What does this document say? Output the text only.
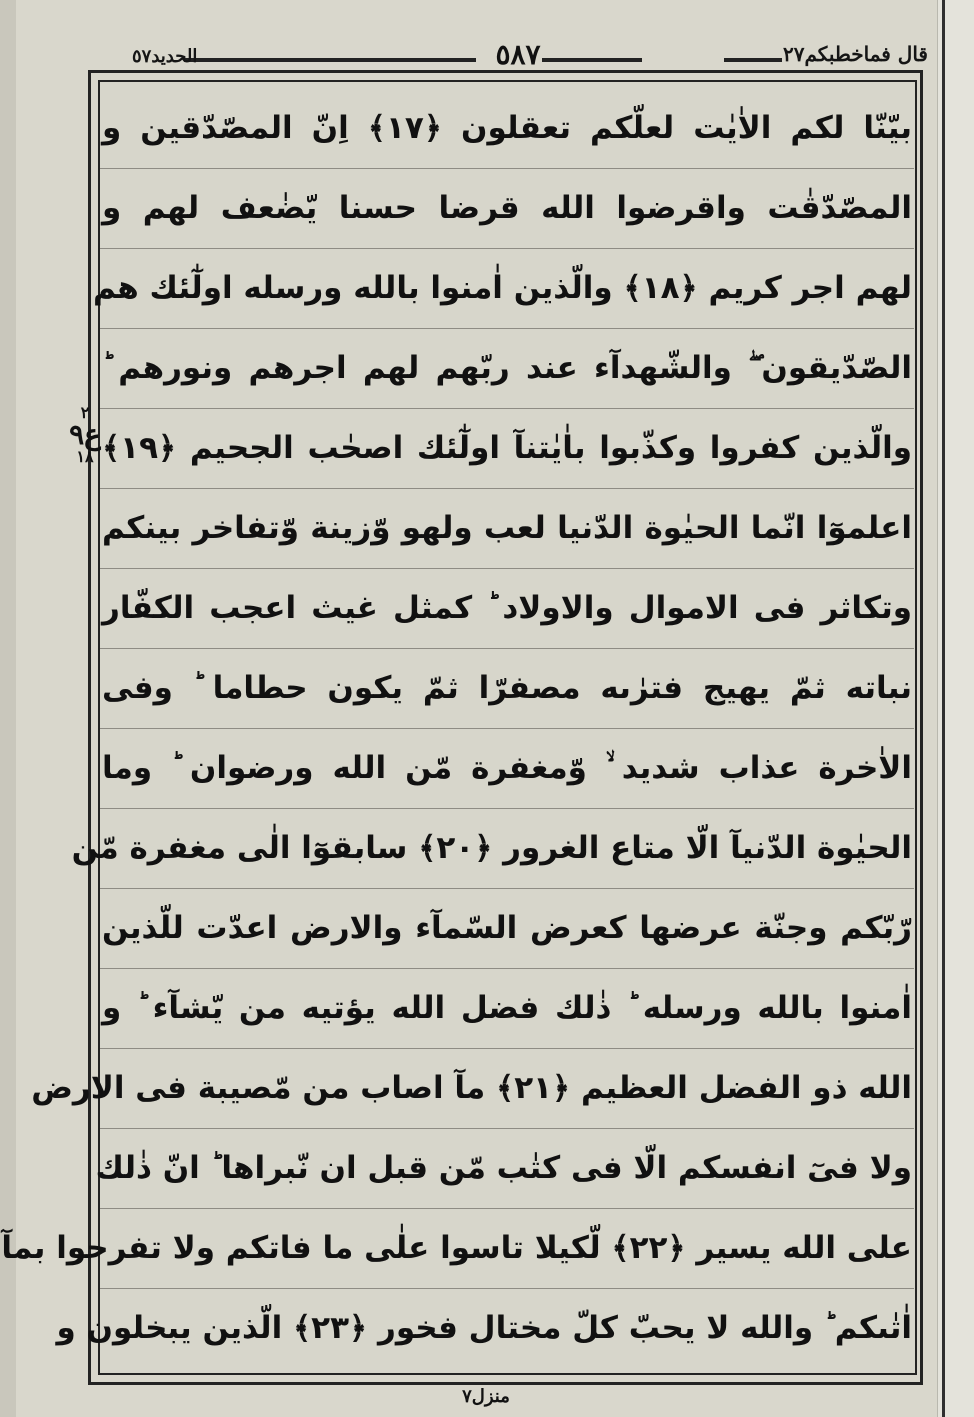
الحديد٥٧	٥٨٧	قال فماخطبكم٢٧
٢
ع٩
١٨
بيّنّا لكم الاٰيٰت لعلّكم تعقلون ﴿١٧﴾ اِنّ المصّدّقين و
المصّدّقٰت واقرضوا الله قرضا حسنا يّضٰعف لهم و
لهم اجر كريم ﴿١٨﴾ والّذين اٰمنوا بالله ورسله اولٰٓئك هم
الصّدّيقون ۖ والشّهدآء عند ربّهم لهم اجرهم ونورهم ؕ
والّذين كفروا وكذّبوا باٰيٰتنآ اولٰٓئك اصحٰب الجحيم ﴿١٩﴾
اعلموٓا انّما الحيٰوة الدّنيا لعب ولهو وّزينة وّتفاخر بينكم
وتكاثر فى الاموال والاولاد ؕ كمثل غيث اعجب الكفّار
نباته ثمّ يهيج فترٰىه مصفرّا ثمّ يكون حطاما ؕ وفى
الاٰخرة عذاب شديد ۙ وّمغفرة مّن الله ورضوان ؕ وما
الحيٰوة الدّنيآ الّا متاع الغرور ﴿٢٠﴾ سابقوٓا الٰى مغفرة مّن
رّبّكم وجنّة عرضها كعرض السّمآء والارض اعدّت للّذين
اٰمنوا بالله ورسله ؕ ذٰلك فضل الله يؤتيه من يّشآء ؕ و
الله ذو الفضل العظيم ﴿٢١﴾ مآ اصاب من مّصيبة فى الارض
ولا فىٓ انفسكم الّا فى كتٰب مّن قبل ان نّبراها ؕ انّ ذٰلك
على الله يسير ﴿٢٢﴾ لّكيلا تاسوا علٰى ما فاتكم ولا تفرحوا بمآ
اٰتٰىكم ؕ والله لا يحبّ كلّ مختال فخور ﴿٢٣﴾ الّذين يبخلون و
منزل٧
